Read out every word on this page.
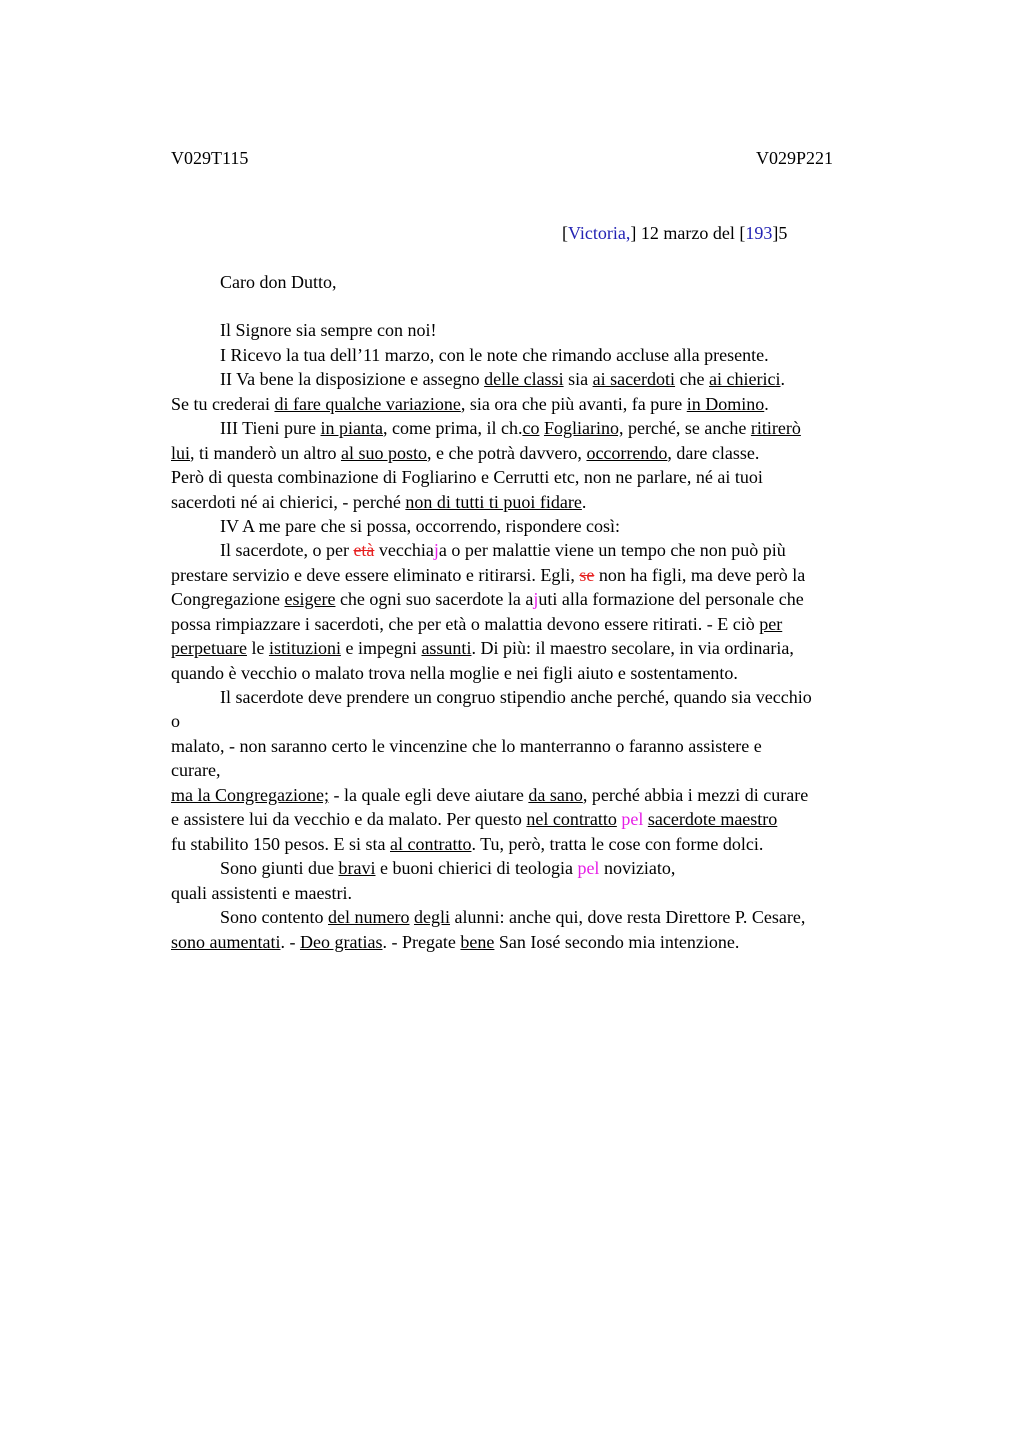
V029T115	V029P221
[Victoria,] 12 marzo del [193]5
Caro don Dutto,
Il Signore sia sempre con noi!
I Ricevo la tua dell’11 marzo, con le note che rimando accluse alla presente.
II Va bene la disposizione e assegno delle classi sia ai sacerdoti che ai chierici.
Se tu crederai di fare qualche variazione, sia ora che più avanti, fa pure in Domino.
III Tieni pure in pianta, come prima, il ch.co Fogliarino, perché, se anche ritirerò
lui, ti manderò un altro al suo posto, e che potrà davvero, occorrendo, dare classe.
Però di questa combinazione di Fogliarino e Cerrutti etc, non ne parlare, né ai tuoi
sacerdoti né ai chierici, - perché non di tutti ti puoi fidare.
IV A me pare che si possa, occorrendo, rispondere così:
Il sacerdote, o per età vecchiaja o per malattie viene un tempo che non può più
prestare servizio e deve essere eliminato e ritirarsi. Egli, se non ha figli, ma deve però la
Congregazione esigere che ogni suo sacerdote la ajuti alla formazione del personale che
possa rimpiazzare i sacerdoti, che per età o malattia devono essere ritirati. - E ciò per
perpetuare le istituzioni e impegni assunti. Di più: il maestro secolare, in via ordinaria,
quando è vecchio o malato trova nella moglie e nei figli aiuto e sostentamento.
Il sacerdote deve prendere un congruo stipendio anche perché, quando sia vecchio
o
malato, - non saranno certo le vincenzine che lo manterranno o faranno assistere e
curare,
ma la Congregazione; - la quale egli deve aiutare da sano, perché abbia i mezzi di curare
e assistere lui da vecchio e da malato. Per questo nel contratto pel sacerdote maestro
fu stabilito 150 pesos. E si sta al contratto. Tu, però, tratta le cose con forme dolci.
Sono giunti due bravi e buoni chierici di teologia pel noviziato,
quali assistenti e maestri.
Sono contento del numero degli alunni: anche qui, dove resta Direttore P. Cesare,
sono aumentati. - Deo gratias. - Pregate bene San Iosé secondo mia intenzione.
